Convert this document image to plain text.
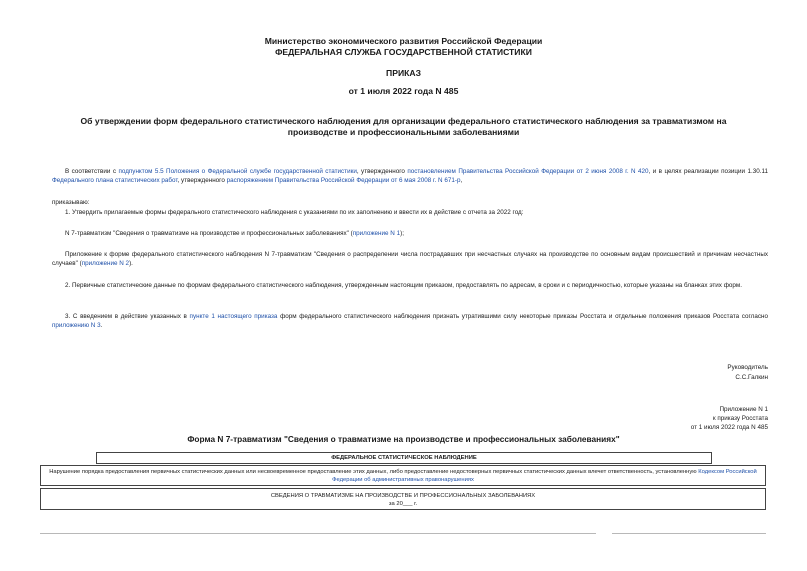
Министерство экономического развития Российской Федерации
ФЕДЕРАЛЬНАЯ СЛУЖБА ГОСУДАРСТВЕННОЙ СТАТИСТИКИ
ПРИКАЗ
от 1 июля 2022 года N 485
Об утверждении форм федерального статистического наблюдения для организации федерального статистического наблюдения за травматизмом на производстве и профессиональными заболеваниями
В соответствии с подпунктом 5.5 Положения о Федеральной службе государственной статистики, утвержденного постановлением Правительства Российской Федерации от 2 июня 2008 г. N 420, и в целях реализации позиции 1.30.11 Федерального плана статистических работ, утвержденного распоряжением Правительства Российской Федерации от 6 мая 2008 г. N 671-р,
приказываю:
1. Утвердить прилагаемые формы федерального статистического наблюдения с указаниями по их заполнению и ввести их в действие с отчета за 2022 год:
N 7-травматизм "Сведения о травматизме на производстве и профессиональных заболеваниях" (приложение N 1);
Приложение к форме федерального статистического наблюдения N 7-травматизм "Сведения о распределении числа пострадавших при несчастных случаях на производстве по основным видам происшествий и причинам несчастных случаев" (приложение N 2).
2. Первичные статистические данные по формам федерального статистического наблюдения, утвержденным настоящим приказом, предоставлять по адресам, в сроки и с периодичностью, которые указаны на бланках этих форм.
3. С введением в действие указанных в пункте 1 настоящего приказа форм федерального статистического наблюдения признать утратившими силу некоторые приказы Росстата и отдельные положения приказов Росстата согласно приложению N 3.
Руководитель
С.С.Галкин
Приложение N 1
к приказу Росстата
от 1 июля 2022 года N 485
Форма N 7-травматизм "Сведения о травматизме на производстве и профессиональных заболеваниях"
ФЕДЕРАЛЬНОЕ СТАТИСТИЧЕСКОЕ НАБЛЮДЕНИЕ
Нарушение порядка предоставления первичных статистических данных или несвоевременное предоставление этих данных, либо предоставление недостоверных первичных статистических данных влечет ответственность, установленную Кодексом Российской Федерации об административных правонарушениях
СВЕДЕНИЯ О ТРАВМАТИЗМЕ НА ПРОИЗВОДСТВЕ И ПРОФЕССИОНАЛЬНЫХ ЗАБОЛЕВАНИЯХ
за 20___ г.
